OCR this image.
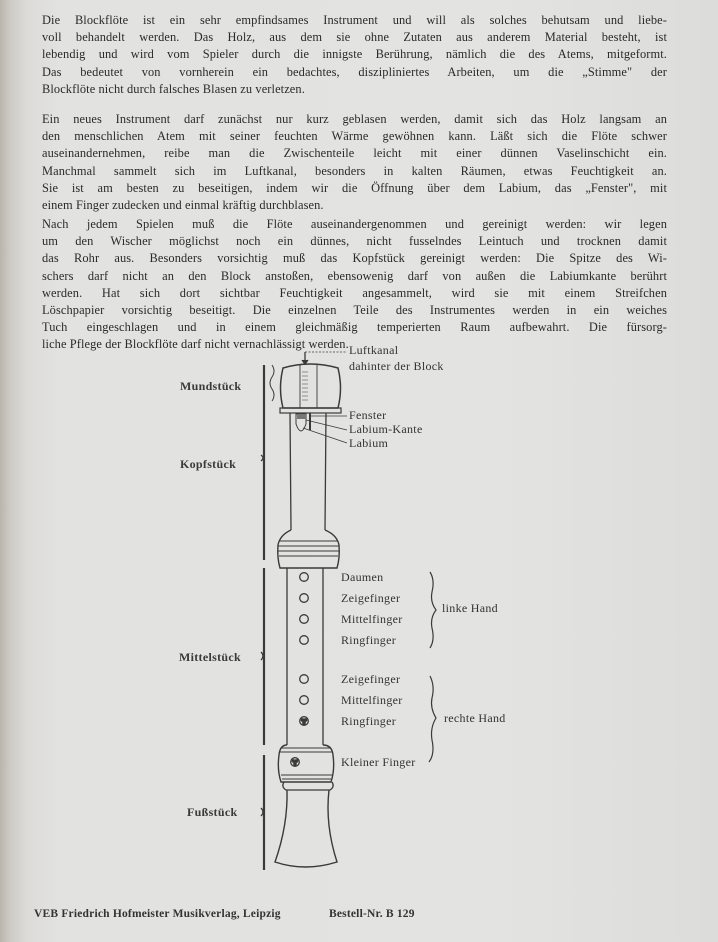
Die Blockflöte ist ein sehr empfindsames Instrument und will als solches behutsam und liebe-
voll behandelt werden. Das Holz, aus dem sie ohne Zutaten aus anderem Material besteht, ist
lebendig und wird vom Spieler durch die innigste Berührung, nämlich die des Atems, mitgeformt.
Das bedeutet von vornherein ein bedachtes, diszipliniertes Arbeiten, um die „Stimme" der
Blockflöte nicht durch falsches Blasen zu verletzen.
Ein neues Instrument darf zunächst nur kurz geblasen werden, damit sich das Holz langsam an
den menschlichen Atem mit seiner feuchten Wärme gewöhnen kann. Läßt sich die Flöte schwer
auseinandernehmen, reibe man die Zwischenteile leicht mit einer dünnen Vaselinschicht ein.
Manchmal sammelt sich im Luftkanal, besonders in kalten Räumen, etwas Feuchtigkeit an.
Sie ist am besten zu beseitigen, indem wir die Öffnung über dem Labium, das „Fenster", mit
einem Finger zudecken und einmal kräftig durchblasen.
Nach jedem Spielen muß die Flöte auseinandergenommen und gereinigt werden: wir legen
um den Wischer möglichst noch ein dünnes, nicht fusselndes Leintuch und trocknen damit
das Rohr aus. Besonders vorsichtig muß das Kopfstück gereinigt werden: Die Spitze des Wi-
schers darf nicht an den Block anstoßen, ebensowenig darf von außen die Labiumkante berührt
werden. Hat sich dort sichtbar Feuchtigkeit angesammelt, wird sie mit einem Streifchen
Löschpapier vorsichtig beseitigt. Die einzelnen Teile des Instrumentes werden in ein weiches
Tuch eingeschlagen und in einem gleichmäßig temperierten Raum aufbewahrt. Die fürsorg-
liche Pflege der Blockflöte darf nicht vernachlässigt werden. Luftkanal
dahinter der Block
Fenster
Labium-Kante
Labium
Mundstück
Kopfstück
Mittelstück
Fußstück
Daumen
Zeigefinger
Mittelfinger
Ringfinger
Zeigefinger
Mittelfinger
Ringfinger
Kleiner Finger
linke Hand
rechte Hand
VEB Friedrich Hofmeister Musikverlag, Leipzig	Bestell-Nr. B 129
